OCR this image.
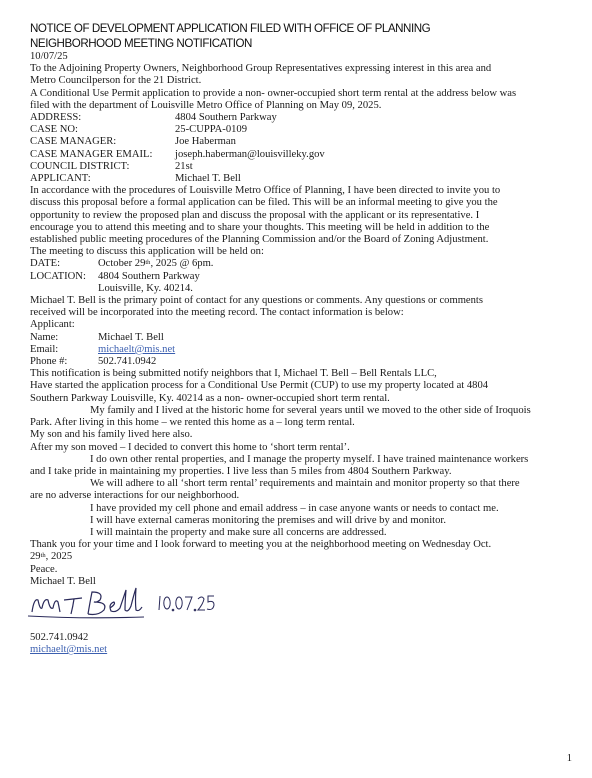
NOTICE OF DEVELOPMENT APPLICATION FILED WITH OFFICE OF PLANNING
NEIGHBORHOOD MEETING NOTIFICATION
10/07/25
To the Adjoining Property Owners, Neighborhood Group Representatives expressing interest in this area and
Metro Councilperson for the 21 District.
A Conditional Use Permit application to provide a non- owner-occupied short term rental at the address below was
filed with the department of Louisville Metro Office of Planning on May 09, 2025.
ADDRESS:	4804 Southern Parkway
CASE NO:	25-CUPPA-0109
CASE MANAGER:	Joe Haberman
CASE MANAGER EMAIL:	joseph.haberman@louisvilleky.gov
COUNCIL DISTRICT:	21st
APPLICANT:	Michael T. Bell
In accordance with the procedures of Louisville Metro Office of Planning, I have been directed to invite you to
discuss this proposal before a formal application can be filed. This will be an informal meeting to give you the
opportunity to review the proposed plan and discuss the proposal with the applicant or its representative. I
encourage you to attend this meeting and to share your thoughts. This meeting will be held in addition to the
established public meeting procedures of the Planning Commission and/or the Board of Zoning Adjustment.
The meeting to discuss this application will be held on:
DATE:	October 29th, 2025 @ 6pm.
LOCATION:	4804 Southern Parkway
Louisville, Ky. 40214.
Michael T. Bell is the primary point of contact for any questions or comments. Any questions or comments
received will be incorporated into the meeting record. The contact information is below:
Applicant:
Name:	Michael T. Bell
Email:	michaelt@mis.net
Phone #:	502.741.0942
This notification is being submitted notify neighbors that I, Michael T. Bell – Bell Rentals LLC,
Have started the application process for a Conditional Use Permit (CUP) to use my property located at 4804
Southern Parkway Louisville, Ky. 40214 as a non- owner-occupied short term rental.
My family and I lived at the historic home for several years until we moved to the other side of Iroquois
Park. After living in this home – we rented this home as a – long term rental.
My son and his family lived here also.
After my son moved – I decided to convert this home to ‘short term rental’.
I do own other rental properties, and I manage the property myself. I have trained maintenance workers
and I take pride in maintaining my properties. I live less than 5 miles from 4804 Southern Parkway.
We will adhere to all ‘short term rental’ requirements and maintain and monitor property so that there
are no adverse interactions for our neighborhood.
I have provided my cell phone and email address – in case anyone wants or needs to contact me.
I will have external cameras monitoring the premises and will drive by and monitor.
I will maintain the property and make sure all concerns are addressed.
Thank you for your time and I look forward to meeting you at the neighborhood meeting on Wednesday Oct.
29th, 2025
Peace.
Michael T. Bell
502.741.0942
michaelt@mis.net
1
